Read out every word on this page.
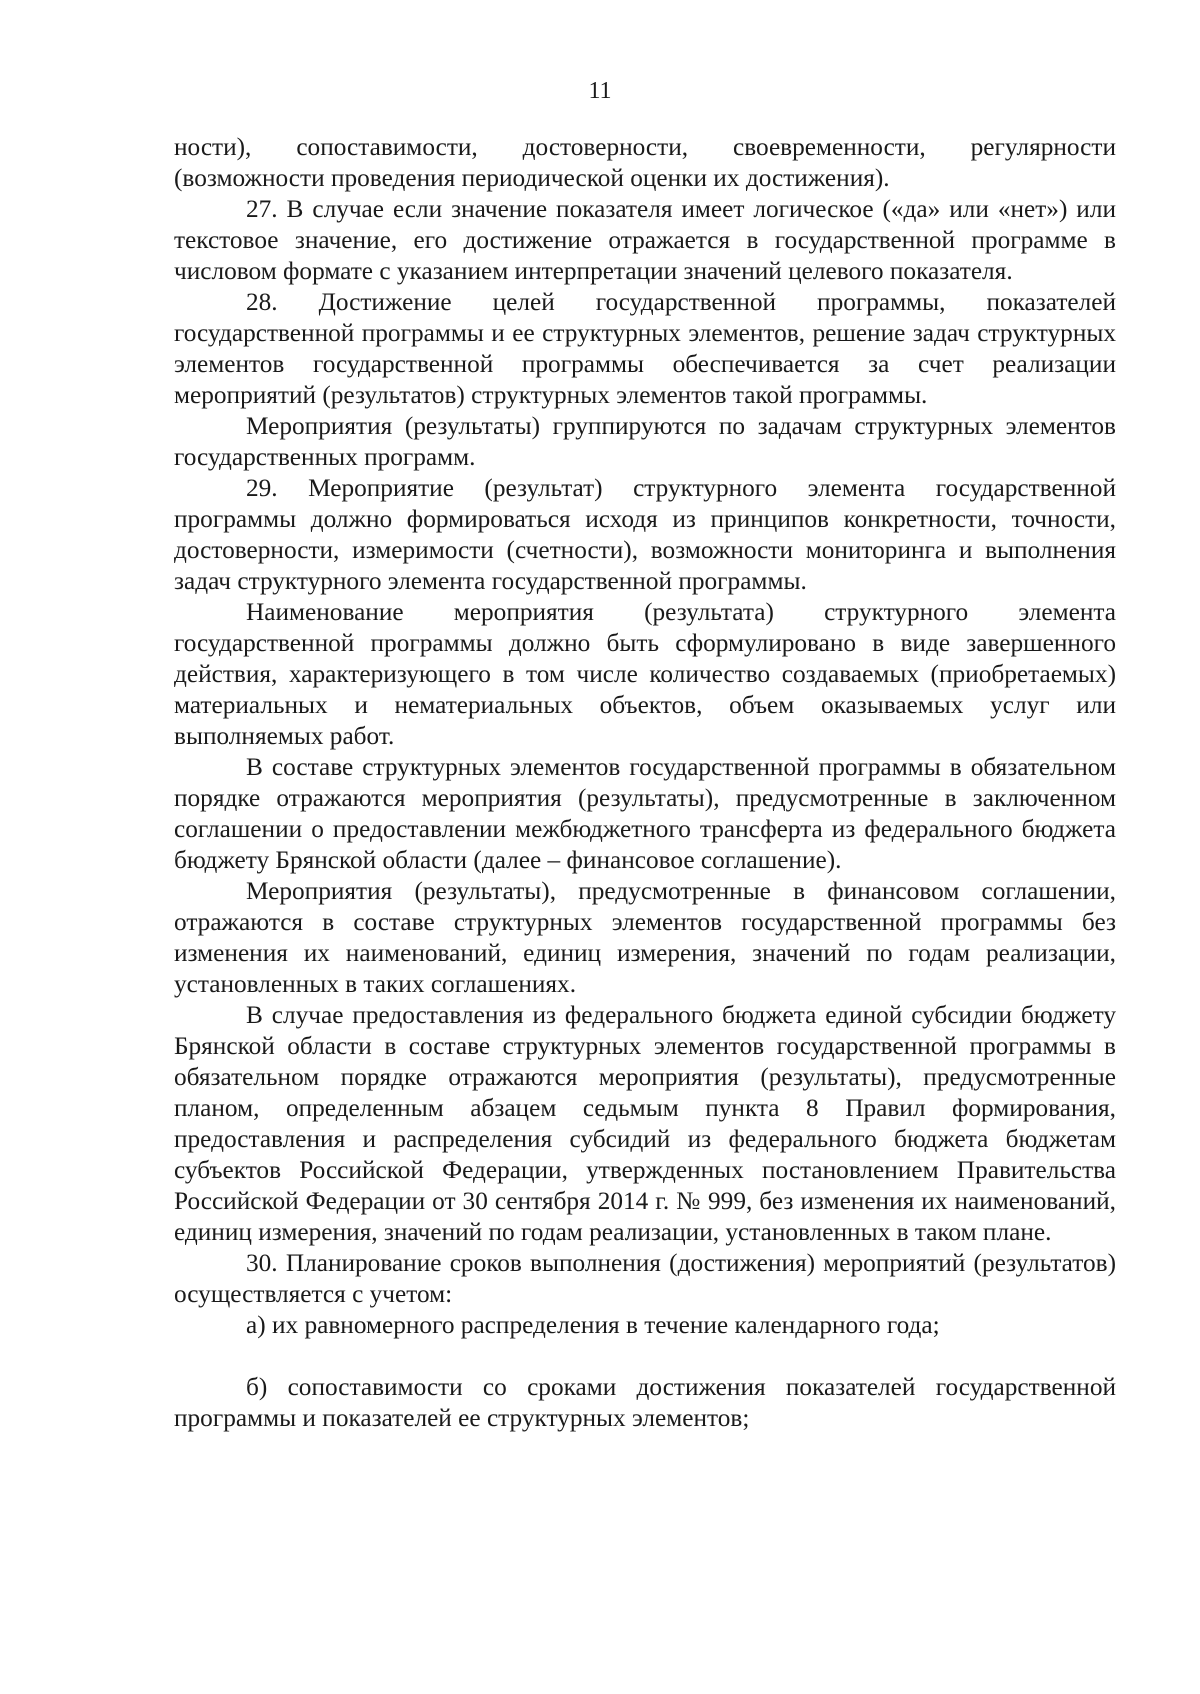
11

ности), сопоставимости, достоверности, своевременности, регулярности (возможности проведения периодической оценки их достижения).

27. В случае если значение показателя имеет логическое («да» или «нет») или текстовое значение, его достижение отражается в государственной программе в числовом формате с указанием интерпретации значений целевого показателя.

28. Достижение целей государственной программы, показателей государственной программы и ее структурных элементов, решение задач структурных элементов государственной программы обеспечивается за счет реализации мероприятий (результатов) структурных элементов такой программы.

Мероприятия (результаты) группируются по задачам структурных элементов государственных программ.

29. Мероприятие (результат) структурного элемента государственной программы должно формироваться исходя из принципов конкретности, точности, достоверности, измеримости (счетности), возможности мониторинга и выполнения задач структурного элемента государственной программы.

Наименование мероприятия (результата) структурного элемента государственной программы должно быть сформулировано в виде завершенного действия, характеризующего в том числе количество создаваемых (приобретаемых) материальных и нематериальных объектов, объем оказываемых услуг или выполняемых работ.

В составе структурных элементов государственной программы в обязательном порядке отражаются мероприятия (результаты), предусмотренные в заключенном соглашении о предоставлении межбюджетного трансферта из федерального бюджета бюджету Брянской области (далее – финансовое соглашение).

Мероприятия (результаты), предусмотренные в финансовом соглашении, отражаются в составе структурных элементов государственной программы без изменения их наименований, единиц измерения, значений по годам реализации, установленных в таких соглашениях.

В случае предоставления из федерального бюджета единой субсидии бюджету Брянской области в составе структурных элементов государственной программы в обязательном порядке отражаются мероприятия (результаты), предусмотренные планом, определенным абзацем седьмым пункта 8 Правил формирования, предоставления и распределения субсидий из федерального бюджета бюджетам субъектов Российской Федерации, утвержденных постановлением Правительства Российской Федерации от 30 сентября 2014 г. № 999, без изменения их наименований, единиц измерения, значений по годам реализации, установленных в таком плане.

30. Планирование сроков выполнения (достижения) мероприятий (результатов) осуществляется с учетом:

а) их равномерного распределения в течение календарного года;

б) сопоставимости со сроками достижения показателей государственной программы и показателей ее структурных элементов;
